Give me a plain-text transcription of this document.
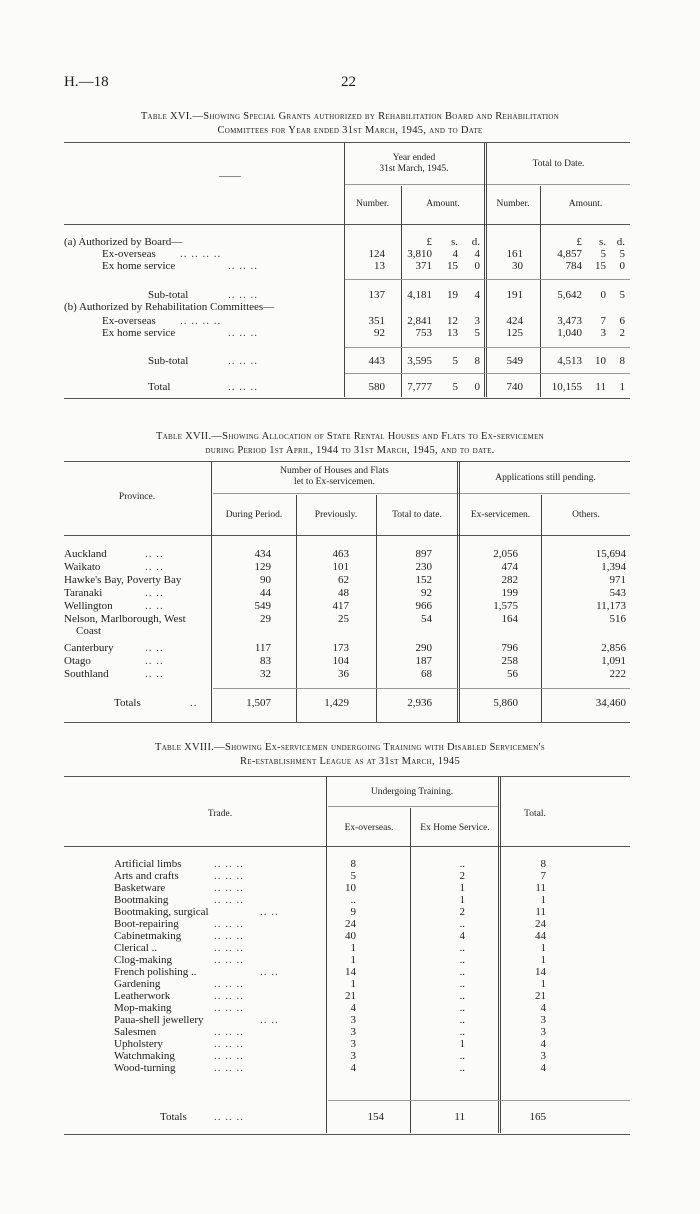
H.—18	22
Table XVI.—Showing Special Grants authorized by Rehabilitation Board and Rehabilitation
Committees for Year ended 31st March, 1945, and to Date
——
Year ended
31st March, 1945.	Total to Date.
Number.	Amount.	Number.	Amount.
£	s.	d.	£	s. d.
(a) Authorized by Board—
Ex-overseas .. .. .. ..	124	3,810	4	4	161	4,857	5	5
Ex home service	.. .. ..	13	371	15	0	30	784	15	0
Sub-total	.. .. ..	137	4,181	19	4	191	5,642	0	5
(b) Authorized by Rehabilitation Committees—
Ex-overseas .. .. .. ..	351	2,841	12	3	424	3,473	7	6
Ex home service	.. .. ..	92	753	13	5	125	1,040	3	2
Sub-total	.. .. ..	443	3,595	5	8	549	4,513	10	8
Total	.. .. ..	580	7,777	5	0	740	10,155	11	1
Table XVII.—Showing Allocation of State Rental Houses and Flats to Ex-servicemen
during Period 1st April, 1944 to 31st March, 1945, and to date.
Province.
Number of Houses and Flats
let to Ex-servicemen.	Applications still pending.
During Period.	Previously.	Total to date.	Ex-servicemen.	Others.
Auckland	.. ..	434	463	897	2,056	15,694
Waikato	.. ..	129	101	230	474	1,394
Hawke's Bay, Poverty Bay	90	62	152	282	971
Taranaki	.. ..	44	48	92	199	543
Wellington	.. ..	549	417	966	1,575	11,173
Nelson, Marlborough, West
Coast
29	25	54	164	516
Canterbury	.. ..	117	173	290	796	2,856
Otago	.. ..	83	104	187	258	1,091
Southland	.. ..	32	36	68	56	222
Totals	..	1,507	1,429	2,936	5,860	34,460
Table XVIII.—Showing Ex-servicemen undergoing Training with Disabled Servicemen's
Re-establishment League as at 31st March, 1945
Trade.
Undergoing Training.
Total.
Ex-overseas.	Ex Home Service.
Artificial limbs	.. .. ..	8	..	8
Arts and crafts	.. .. ..	5	2	7
Basketware	.. .. ..	10	1	11
Bootmaking	.. .. ..	..	1	1
Bootmaking, surgical	.. ..	9	2	11
Boot-repairing	.. .. ..	24	..	24
Cabinetmaking	.. .. ..	40	4	44
Clerical ..	.. .. ..	1	..	1
Clog-making	.. .. ..	1	..	1
French polishing ..	.. ..	14	..	14
Gardening	.. .. ..	1	..	1
Leatherwork	.. .. ..	21	..	21
Mop-making	.. .. ..	4	..	4
Paua-shell jewellery	.. ..	3	..	3
Salesmen	.. .. ..	3	..	3
Upholstery	.. .. ..	3	1	4
Watchmaking	.. .. ..	3	..	3
Wood-turning	.. .. ..	4	..	4
Totals .. .. ..	154	11	165
